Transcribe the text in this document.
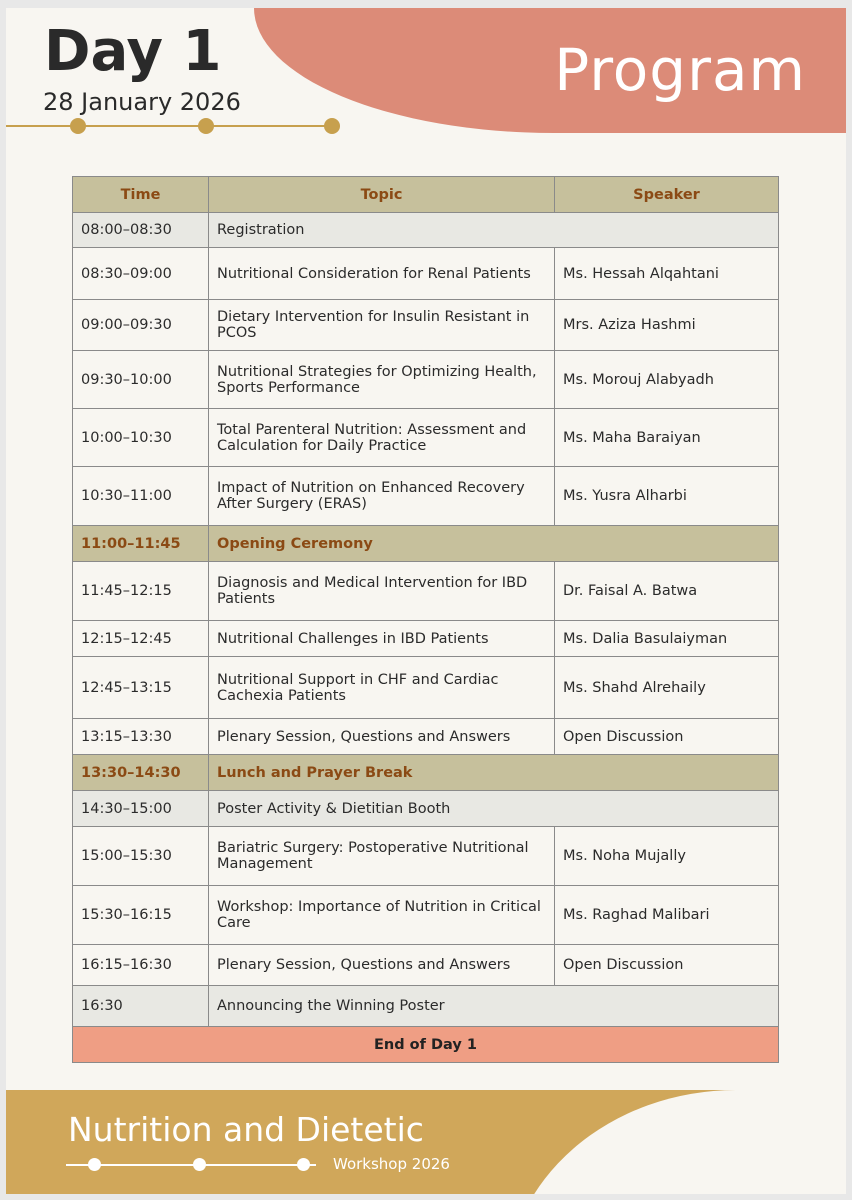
Program
Day 1
28 January 2026
Time	Topic	Speaker
08:00–08:30	Registration	
08:30–09:00	Nutritional Consideration for Renal Patients	Ms. Hessah Alqahtani
09:00–09:30	Dietary Intervention for Insulin Resistant in PCOS	Mrs. Aziza Hashmi
09:30–10:00	Nutritional Strategies for Optimizing Health, Sports Performance	Ms. Morouj Alabyadh
10:00–10:30	Total Parenteral Nutrition: Assessment and Calculation for Daily Practice	Ms. Maha Baraiyan
10:30–11:00	Impact of Nutrition on Enhanced Recovery After Surgery (ERAS)	Ms. Yusra Alharbi
11:00–11:45	Opening Ceremony	
11:45–12:15	Diagnosis and Medical Intervention for IBD Patients	Dr. Faisal A. Batwa
12:15–12:45	Nutritional Challenges in IBD Patients	Ms. Dalia Basulaiyman
12:45–13:15	Nutritional Support in CHF and Cardiac Cachexia Patients	Ms. Shahd Alrehaily
13:15–13:30	Plenary Session, Questions and Answers	Open Discussion
13:30–14:30	Lunch and Prayer Break	
14:30–15:00	Poster Activity & Dietitian Booth	
15:00–15:30	Bariatric Surgery: Postoperative Nutritional Management	Ms. Noha Mujally
15:30–16:15	Workshop: Importance of Nutrition in Critical Care	Ms. Raghad Malibari
16:15–16:30	Plenary Session, Questions and Answers	Open Discussion
16:30	Announcing the Winning Poster	
End of Day 1		
Nutrition and Dietetic
Workshop 2026
